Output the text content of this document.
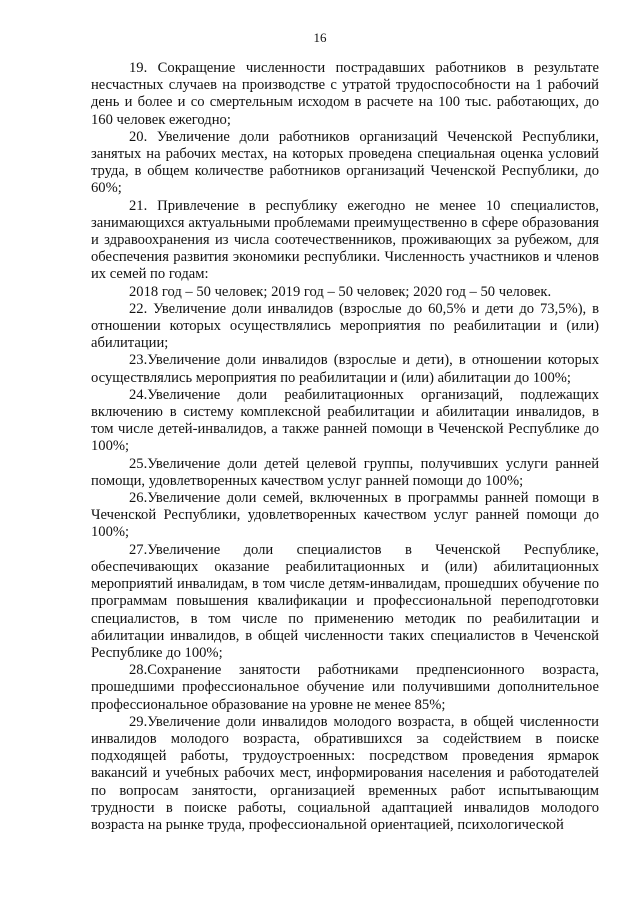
16

19. Сокращение численности пострадавших работников в результате несчастных случаев на производстве с утратой трудоспособности на 1 рабочий день и более и со смертельным исходом в расчете на 100 тыс. работающих, до 160 человек ежегодно;

20. Увеличение доли работников организаций Чеченской Республики, занятых на рабочих местах, на которых проведена специальная оценка условий труда, в общем количестве работников организаций Чеченской Республики, до 60%;

21. Привлечение в республику ежегодно не менее 10 специалистов, занимающихся актуальными проблемами преимущественно в сфере образования и здравоохранения из числа соотечественников, проживающих за рубежом, для обеспечения развития экономики республики. Численность участников и членов их семей по годам:

2018 год – 50 человек; 2019 год – 50 человек; 2020 год – 50 человек.

22. Увеличение доли инвалидов (взрослые до 60,5% и дети до 73,5%), в отношении которых осуществлялись мероприятия по реабилитации и (или) абилитации;

23.Увеличение доли инвалидов (взрослые и дети), в отношении которых осуществлялись мероприятия по реабилитации и (или) абилитации до 100%;

24.Увеличение доли реабилитационных организаций, подлежащих включению в систему комплексной реабилитации и абилитации инвалидов, в том числе детей-инвалидов, а также ранней помощи в Чеченской Республике до 100%;

25.Увеличение доли детей целевой группы, получивших услуги ранней помощи, удовлетворенных качеством услуг ранней помощи до 100%;

26.Увеличение доли семей, включенных в программы ранней помощи в Чеченской Республики, удовлетворенных качеством услуг ранней помощи до 100%;

27.Увеличение доли специалистов в Чеченской Республике, обеспечивающих оказание реабилитационных и (или) абилитационных мероприятий инвалидам, в том числе детям-инвалидам, прошедших обучение по программам повышения квалификации и профессиональной переподготовки специалистов, в том числе по применению методик по реабилитации и абилитации инвалидов, в общей численности таких специалистов в Чеченской Республике до 100%;

28.Сохранение занятости работниками предпенсионного возраста, прошедшими профессиональное обучение или получившими дополнительное профессиональное образование на уровне не менее 85%;

29.Увеличение доли инвалидов молодого возраста, в общей численности инвалидов молодого возраста, обратившихся за содействием в поиске подходящей работы, трудоустроенных: посредством проведения ярмарок вакансий и учебных рабочих мест, информирования населения и работодателей по вопросам занятости, организацией временных работ испытывающим трудности в поиске работы, социальной адаптацией инвалидов молодого возраста на рынке труда, профессиональной ориентацией, психологической
